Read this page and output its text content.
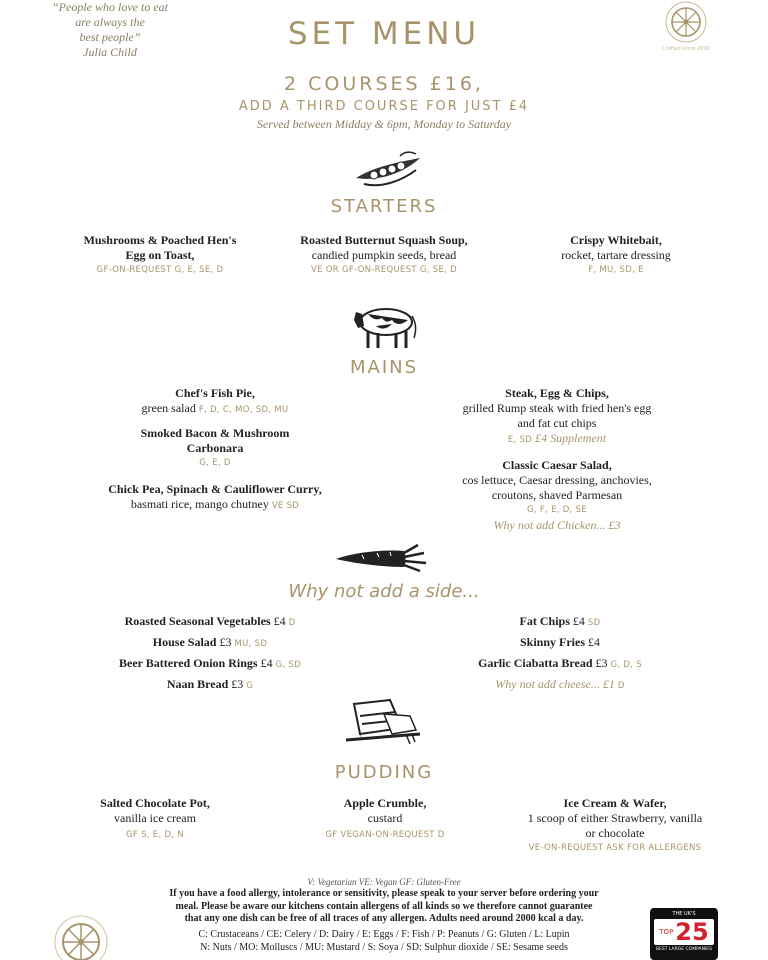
“People who love to eat
are always the
best people”
Julia Child	Crafted since 2010
SET MENU
2 COURSES £16,
ADD A THIRD COURSE FOR JUST £4
Served between Midday & 6pm, Monday to Saturday
STARTERS
Mushrooms & Poached Hen's
Egg on Toast,
GF-ON-REQUEST G, E, SE, D
Roasted Butternut Squash Soup,
candied pumpkin seeds, bread
VE OR GF-ON-REQUEST G, SE, D
Crispy Whitebait,
rocket, tartare dressing
F, MU, SD, E
MAINS
Chef's Fish Pie,
green salad F, D, C, MO, SD, MU
Smoked Bacon & Mushroom
Carbonara
G, E, D
Chick Pea, Spinach & Cauliflower Curry,
basmati rice, mango chutney VE SD
Steak, Egg & Chips,
grilled Rump steak with fried hen's egg
and fat cut chips
E, SD £4 Supplement
Classic Caesar Salad,
cos lettuce, Caesar dressing, anchovies,
croutons, shaved Parmesan
G, F, E, D, SE
Why not add Chicken... £3
Why not add a side...
Roasted Seasonal Vegetables £4 D
House Salad £3 MU, SD
Beer Battered Onion Rings £4 G, SD
Naan Bread £3 G
Fat Chips £4 SD
Skinny Fries £4
Garlic Ciabatta Bread £3 G, D, S
Why not add cheese... £1 D
PUDDING
Salted Chocolate Pot,
vanilla ice cream
GF S, E, D, N
Apple Crumble,
custard
GF VEGAN-ON-REQUEST D
Ice Cream & Wafer,
1 scoop of either Strawberry, vanilla
or chocolate
VE-ON-REQUEST ASK FOR ALLERGENS
V: Vegetarian VE: Vegan GF: Gluten-Free
If you have a food allergy, intolerance or sensitivity, please speak to your server before ordering your
meal. Please be aware our kitchens contain allergens of all kinds so we therefore cannot guarantee
that any one dish can be free of all traces of any allergen. Adults need around 2000 kcal a day.
C: Crustaceans / CE: Celery / D: Dairy / E: Eggs / F: Fish / P: Peanuts / G: Gluten / L: Lupin
N: Nuts / MO: Molluscs / MU: Mustard / S: Soya / SD: Sulphur dioxide / SE: Sesame seeds
THE UK'S
TOP 25
BEST LARGE COMPANIES
